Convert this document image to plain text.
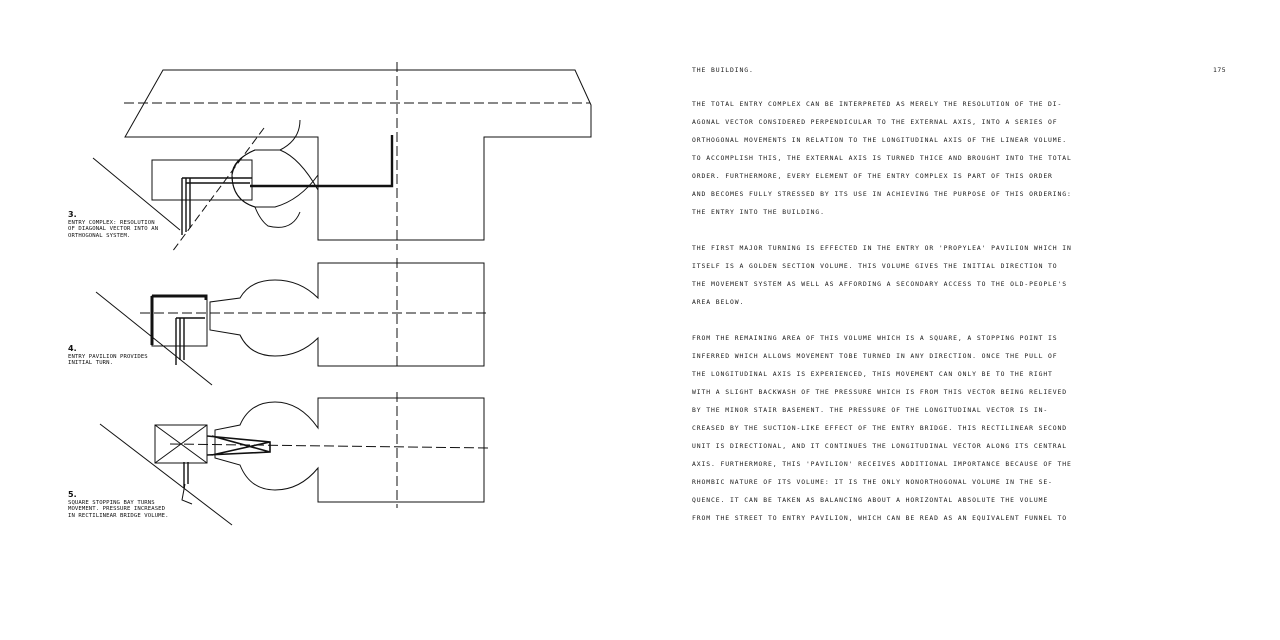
3.
ENTRY COMPLEX: RESOLUTION
OF DIAGONAL VECTOR INTO AN
ORTHOGONAL SYSTEM.
4.
ENTRY PAVILION PROVIDES
INITIAL TURN.
5.
SQUARE STOPPING BAY TURNS
MOVEMENT. PRESSURE INCREASED
IN RECTILINEAR BRIDGE VOLUME.
THE BUILDING.	175
THE TOTAL ENTRY COMPLEX CAN BE INTERPRETED AS MERELY THE RESOLUTION OF THE DI-
AGONAL VECTOR CONSIDERED PERPENDICULAR TO THE EXTERNAL AXIS, INTO A SERIES OF
ORTHOGONAL MOVEMENTS IN RELATION TO THE LONGITUDINAL AXIS OF THE LINEAR VOLUME.
TO ACCOMPLISH THIS, THE EXTERNAL AXIS IS TURNED THICE AND BROUGHT INTO THE TOTAL
ORDER. FURTHERMORE, EVERY ELEMENT OF THE ENTRY COMPLEX IS PART OF THIS ORDER
AND BECOMES FULLY STRESSED BY ITS USE IN ACHIEVING THE PURPOSE OF THIS ORDERING:
THE ENTRY INTO THE BUILDING.
THE FIRST MAJOR TURNING IS EFFECTED IN THE ENTRY OR 'PROPYLEA' PAVILION WHICH IN
ITSELF IS A GOLDEN SECTION VOLUME. THIS VOLUME GIVES THE INITIAL DIRECTION TO
THE MOVEMENT SYSTEM AS WELL AS AFFORDING A SECONDARY ACCESS TO THE OLD-PEOPLE'S
AREA BELOW.
FROM THE REMAINING AREA OF THIS VOLUME WHICH IS A SQUARE, A STOPPING POINT IS
INFERRED WHICH ALLOWS MOVEMENT TOBE TURNED IN ANY DIRECTION. ONCE THE PULL OF
THE LONGITUDINAL AXIS IS EXPERIENCED, THIS MOVEMENT CAN ONLY BE TO THE RIGHT
WITH A SLIGHT BACKWASH OF THE PRESSURE WHICH IS FROM THIS VECTOR BEING RELIEVED
BY THE MINOR STAIR BASEMENT. THE PRESSURE OF THE LONGITUDINAL VECTOR IS IN-
CREASED BY THE SUCTION-LIKE EFFECT OF THE ENTRY BRIDGE. THIS RECTILINEAR SECOND
UNIT IS DIRECTIONAL, AND IT CONTINUES THE LONGITUDINAL VECTOR ALONG ITS CENTRAL
AXIS. FURTHERMORE, THIS 'PAVILION' RECEIVES ADDITIONAL IMPORTANCE BECAUSE OF THE
RHOMBIC NATURE OF ITS VOLUME: IT IS THE ONLY NONORTHOGONAL VOLUME IN THE SE-
QUENCE. IT CAN BE TAKEN AS BALANCING ABOUT A HORIZONTAL ABSOLUTE THE VOLUME
FROM THE STREET TO ENTRY PAVILION, WHICH CAN BE READ AS AN EQUIVALENT FUNNEL TO
